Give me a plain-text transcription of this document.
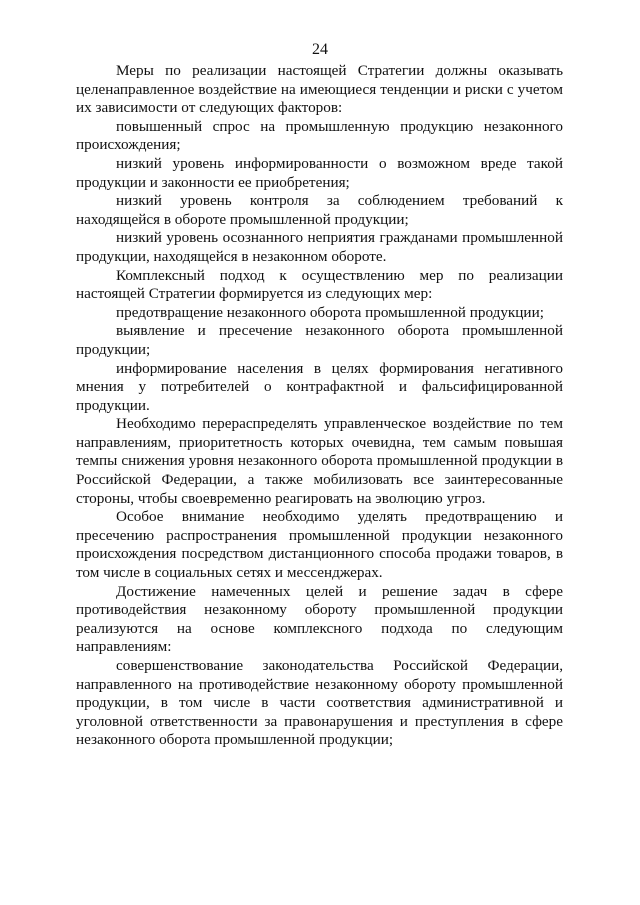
24

Меры по реализации настоящей Стратегии должны оказывать целенаправленное воздействие на имеющиеся тенденции и риски с учетом их зависимости от следующих факторов:

повышенный спрос на промышленную продукцию незаконного происхождения;

низкий уровень информированности о возможном вреде такой продукции и законности ее приобретения;

низкий уровень контроля за соблюдением требований к находящейся в обороте промышленной продукции;

низкий уровень осознанного неприятия гражданами промышленной продукции, находящейся в незаконном обороте.

Комплексный подход к осуществлению мер по реализации настоящей Стратегии формируется из следующих мер:

предотвращение незаконного оборота промышленной продукции;

выявление и пресечение незаконного оборота промышленной продукции;

информирование населения в целях формирования негативного мнения у потребителей о контрафактной и фальсифицированной продукции.

Необходимо перераспределять управленческое воздействие по тем направлениям, приоритетность которых очевидна, тем самым повышая темпы снижения уровня незаконного оборота промышленной продукции в Российской Федерации, а также мобилизовать все заинтересованные стороны, чтобы своевременно реагировать на эволюцию угроз.

Особое внимание необходимо уделять предотвращению и пресечению распространения промышленной продукции незаконного происхождения посредством дистанционного способа продажи товаров, в том числе в социальных сетях и мессенджерах.

Достижение намеченных целей и решение задач в сфере противодействия незаконному обороту промышленной продукции реализуются на основе комплексного подхода по следующим направлениям:

совершенствование законодательства Российской Федерации, направленного на противодействие незаконному обороту промышленной продукции, в том числе в части соответствия административной и уголовной ответственности за правонарушения и преступления в сфере незаконного оборота промышленной продукции;
